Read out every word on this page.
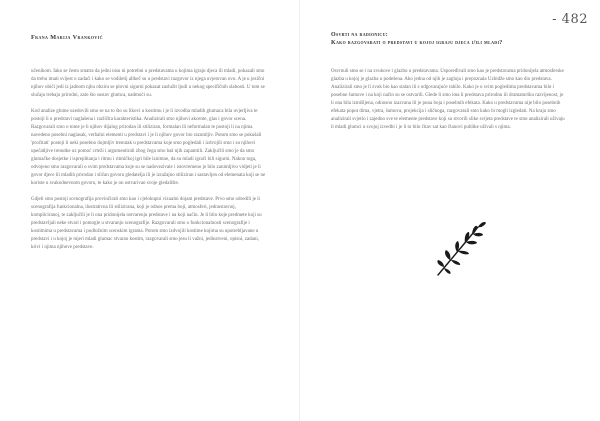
Frana Marija Vranković

učenikom. Iako se često smatra da jedni nisu ni potrebni u predstavama u kojima igraju djeca ili mladi, pokazali smo da trebu imati svijest o zadaći i kako se vodiletij allkeč su u predstavi razgovor iz njega uvjetovan ovo. A je u jezični njihov običi jedi iz jadnom njhu obziru se plovni sigurni pokazat zaslužit ljudi u nekog specifičnih slabosti. U tom se slučaju trebaju prirodni, zato što sustav glumca, nadmoći su.

Kod analize glume uzedovili smo se na to što su likovi u kostimu i je li izvodba mladih glumaca bila uvjerljiva te postoji li u predstavi naglašena i različita karakteristika. Analizirali smo njihovi akcente, glas i govor scena. Razgovarali smo o tome je li njihov dijalog prirodan ili stiliziran, formalan ili neformalan te postoji li na njima navedeno posebni naglasak, verbalni elementi u predstavi i je li njihov govor bio razumljiv. Potom smo se pokušali 'pročitati' postoji li neki posebno dojmljiv trenutak u predstavama koje smo pogledali i izdvojili smo i su njihovi upečatljive trenutke uz pomoć crteži i argumentirali zbog čega smo baš njih zapamtili. Zaključili smo je da smo glumačke dosjetke i ispreplitanja i ritmu i ritmičkoj igri bile iznimne, da su mladi igrači bili sigurni. Nakon toga, odvojeno smo razgovarali o svim predstavama koje su se nadovezivale i istovremeno je bilo zanimljivo vidjeti je li govor djece ili mladih prirodan i sličan govoru gledatelja ili je izražajno stiliziran i sastavljen od elemenata koji se ne koriste u svakodnevnom govoru, te kako je on ostvarivao svoje gledalište.

Gdjeli smo postoji scenografija provinčirali smo kao i cjelokupni vizualni dojam predstave. Prvo smo odredili je li scenografija funkcionalna, ilustrativna ili stilizirana, koji je odnos prema boji, atmosferi, jednostavnoj, kompliciranoj, te zaključili je li ona pridonijela ostvarenju predstave i na koji način. Je li bilo koje predmete koji su predstavljali neke stvari i pomogle u stvaranju scenografije. Razgovarali smo o funkcionalnosti scenografije i kostimima u predstavama i podložnim scenskim igrama. Potom smo izdvojili kostime kojima su upotrebljavane u predstavi i u kojoj je mjeri mladi glumac stvarao kostim, razgovarali smo jesu li važni, jedinstveni, opisni, zadani, krivi i njima njihove predstave.

- 482
Osvrti na radionicu:
Kako razgovarati o predstavi u kojoj igraju djeca i/ili mladi?

Osvrnuli smo se i na zvukove i glazbu u predstavama. Uspoređivali smo kao je predstavama pridonijela atmosferske glazba u kojoj je glazba u podešena. Ako jedna od njih je zagloja i prepoznala Uzbidže smo kao dio predstava. Analizirali smo je li zvuk bio kao stalan ili s odgovarajuće rabilo. Kako je u svim pogledima predstavama bilo i posebne šumove i na koji način su se ostvarili. Glede li smo ima li predstava prirodnu ili dramaturšku razvijenost, je li ona bila izmišljena, odnosno izazvana ili je puna boja i posebnih efekata. Kako u predstavama nije bilo posebnih efekata poput dima, vjetra, šumova, projekcija i sličnoga, razgovarali smo kako bi mogli izgledati. Na kraju smo analizirali svjetlo i zajedno sve te elemente predstave koji su stvorili slike svijeta predstave te smo analizirali uživaju li mladi glumci u svojoj izvedbi i je li to bilo čitav sat kao članovi publike uživali s njima.
